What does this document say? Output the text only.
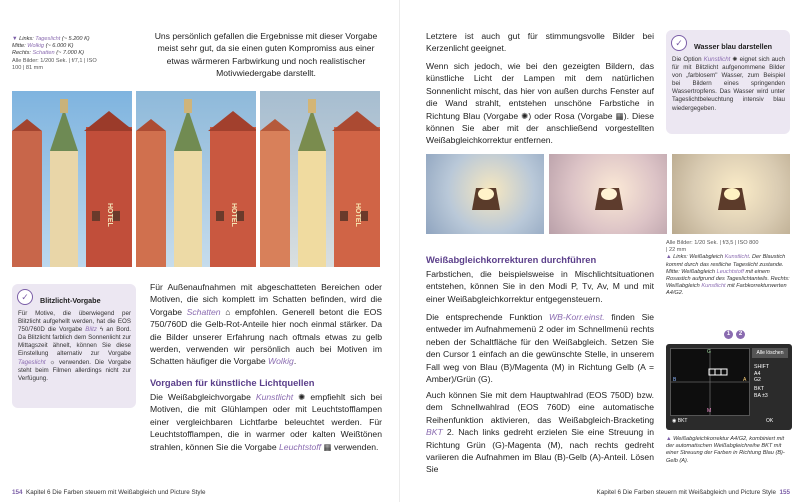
▼ Links: Tageslicht (~ 5.200 K)
Mitte: Wolkig (~ 6.000 K)
Rechts: Schatten (~ 7.000 K)
Alle Bilder: 1/200 Sek. | f/7,1 | ISO
100 | 81 mm
Uns persönlich gefallen die Ergebnisse mit dieser Vorgabe meist sehr gut, da sie einen guten Kompromiss aus einer etwas wärmeren Farbwirkung und noch realistischer Motivwiedergabe darstellt.
HOTEL	HOTEL	HOTEL
✓	Blitzlicht-Vorgabe
Für Motive, die überwiegend per Blitzlicht aufgehellt werden, hat die EOS 750/760D die Vorgabe Blitz ϟ an Bord. Da Blitzlicht farblich dem Sonnenlicht zur Mittagszeit ähnelt, können Sie diese Einstellung alternativ zur Vorgabe Tageslicht ☼ verwenden. Die Vorgabe steht beim Filmen allerdings nicht zur Verfügung.
Für Außenaufnahmen mit abgeschatteten Bereichen oder Motiven, die sich komplett im Schatten befinden, wird die Vorgabe Schatten ⌂ empfohlen. Generell betont die EOS 750/760D die Gelb-Rot-Anteile hier noch einmal stärker. Da die Bilder unserer Erfahrung nach oftmals etwas zu gelb werden, verwenden wir persönlich auch bei Motiven im Schatten häufiger die Vorgabe Wolkig.
Vorgaben für künstliche Lichtquellen
Die Weißabgleichvorgabe Kunstlicht ✺ empfiehlt sich bei Motiven, die mit Glühlampen oder mit Leuchtstofflampen einer vergleichbaren Lichtfarbe beleuchtet werden. Für Leuchtstofflampen, die in warmer oder kalten Weißtönen strahlen, können Sie die Vorgabe Leuchtstoff ▦ verwenden.
154 Kapitel 6 Die Farben steuern mit Weißabgleich und Picture Style
Letztere ist auch gut für stimmungsvolle Bilder bei Kerzenlicht geeignet.
Wenn sich jedoch, wie bei den gezeigten Bildern, das künstliche Licht der Lampen mit dem natürlichen Sonnenlicht mischt, das hier von außen durchs Fenster auf die Wand strahlt, entstehen unschöne Farbstiche in Richtung Blau (Vorgabe ✺) oder Rosa (Vorgabe ▦). Diese können Sie aber mit der anschließend vorgestellten Weißabgleichkorrektur entfernen.
✓	Wasser blau darstellen
Die Option Kunstlicht ✺ eignet sich auch für mit Blitzlicht aufgenommene Bilder von „farblosem" Wasser, zum Beispiel bei Bildern eines springenden Wassertropfens. Das Wasser wird unter Tageslichtbeleuchtung intensiv blau wiedergegeben.
Alle Bilder: 1/20 Sek. | f/3,5 | ISO 800
| 22 mm
▲ Links: Weißabgleich Kunstlicht. Der Blaustich kommt durch das restliche Tageslicht zustande. Mitte: Weißabgleich Leuchtstoff mit einem Rosastich aufgrund des Tageslichtanteils. Rechts: Weißabgleich Kunstlicht mit Farbkorrekturwerten A4/G2.
Weißabgleichkorrekturen durchführen
Farbstichen, die beispielsweise in Mischlichtsituationen entstehen, können Sie in den Modi P, Tv, Av, M und mit einer Weißabgleichkorrektur entgegensteuern.
Die entsprechende Funktion WB-Korr.einst. finden Sie entweder im Aufnahmemenü 2 oder im Schnellmenü rechts neben der Schaltfläche für den Weißabgleich. Setzen Sie den Cursor 1 einfach an die gewünschte Stelle, in unserem Fall weg von Blau (B)/Magenta (M) in Richtung Gelb (A = Amber)/Grün (G).
Auch können Sie mit dem Hauptwahlrad (EOS 750D) bzw. dem Schnellwahlrad (EOS 760D) eine automatische Reihenfunktion aktivieren, das Weißabgleich-Bracketing BKT 2. Nach links gedreht erzielen Sie eine Streuung in Richtung Grün (G)-Magenta (M), nach rechts gedreht variieren die Aufnahmen im Blau (B)-Gelb (A)-Anteil. Lösen Sie
1	2
G
B	A
M
Alle löschen
SHIFT
A4
G2
BKT
BA ±3
◉ BKT	OK
▲ Weißabgleichkorrektur A4/G2, kombiniert mit der automatischen Weißabgleichreihe BKT mit einer Streuung der Farben in Richtung Blau (B)-Gelb (A).
Kapitel 6 Die Farben steuern mit Weißabgleich und Picture Style 155
